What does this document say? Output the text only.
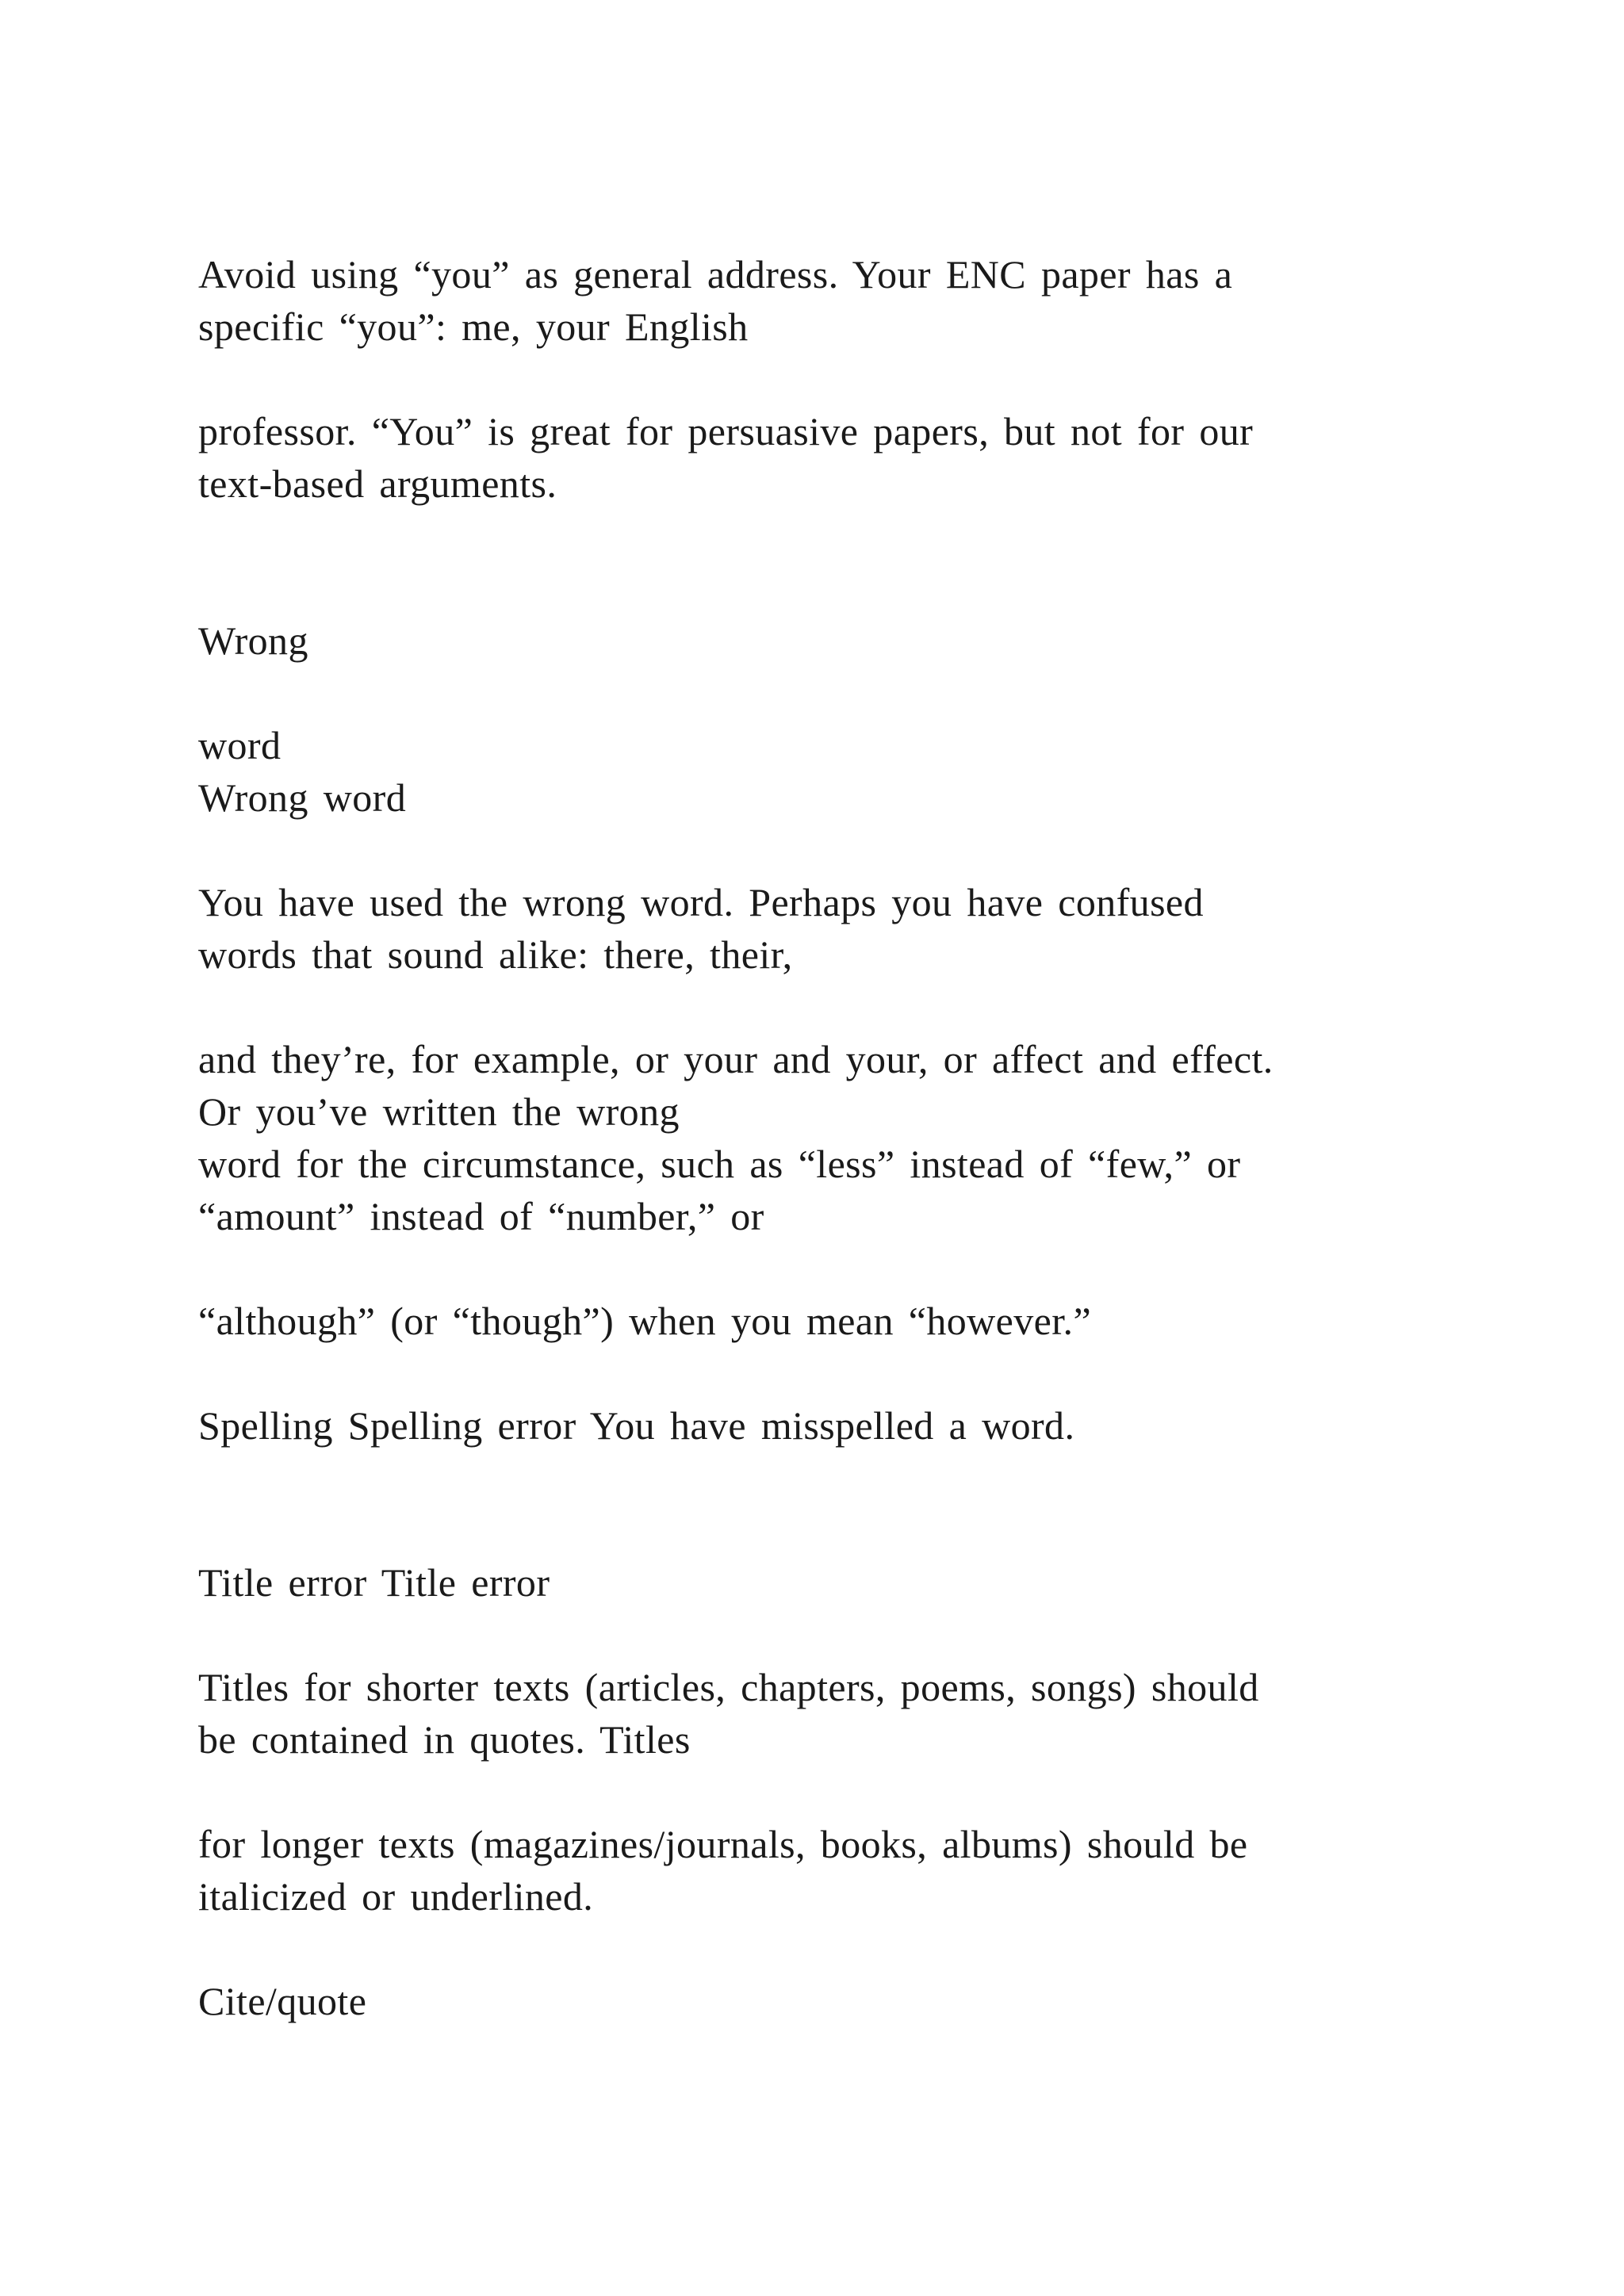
Avoid using “you” as general address. Your ENC paper has a
specific “you”: me, your English
professor. “You” is great for persuasive papers, but not for our
text-based arguments.
Wrong
word
Wrong word
You have used the wrong word. Perhaps you have confused
words that sound alike: there, their,
and they’re, for example, or your and your, or affect and effect.
Or you’ve written the wrong
word for the circumstance, such as “less” instead of “few,” or
“amount” instead of “number,” or
“although” (or “though”) when you mean “however.”
Spelling Spelling error You have misspelled a word.
Title error Title error
Titles for shorter texts (articles, chapters, poems, songs) should
be contained in quotes. Titles
for longer texts (magazines/journals, books, albums) should be
italicized or underlined.
Cite/quote
